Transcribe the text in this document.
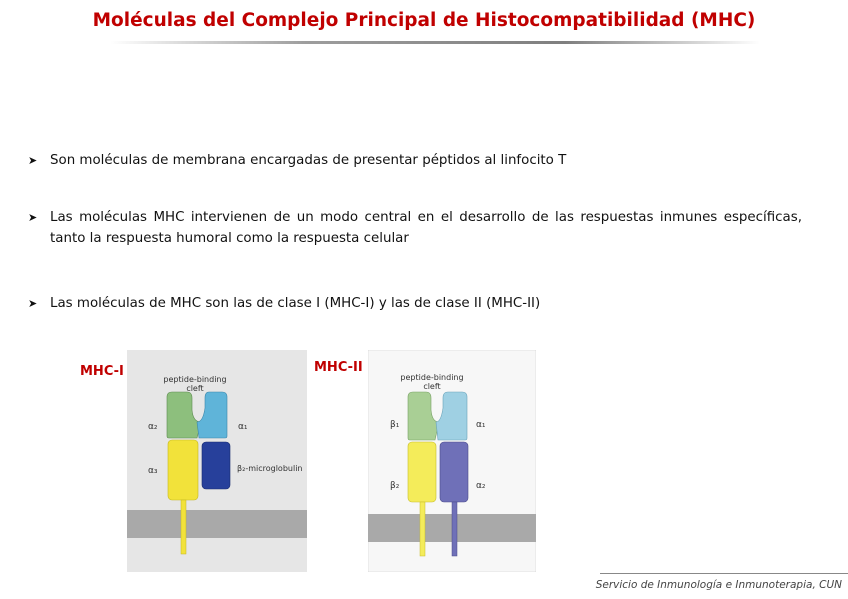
Moléculas del Complejo Principal de Histocompatibilidad (MHC)
➤ Son moléculas de membrana encargadas de presentar péptidos al linfocito T
➤ Las moléculas MHC intervienen de un modo central en el desarrollo de las respuestas inmunes específicas, tanto la respuesta humoral como la respuesta celular
➤ Las moléculas de MHC son las de clase I (MHC-I) y las de clase II (MHC-II)
MHC-I
peptide-binding
cleft
α₂	α₁
α₃	β₂-microglobulin
MHC-II
peptide-binding
cleft
β₁	α₁
β₂	α₂
Servicio de Inmunología e Inmunoterapia, CUN
